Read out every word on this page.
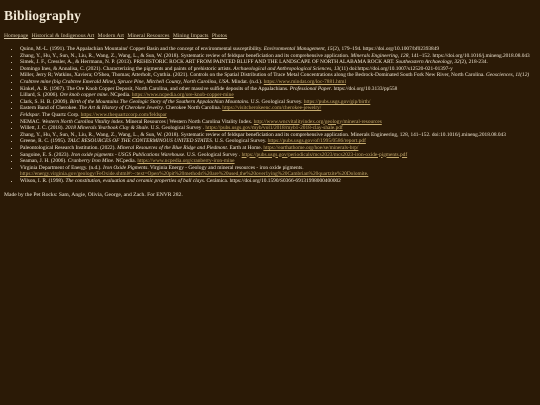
Bibliography
Homepage Historical & Indigenous Art Modern Art Mineral Resources Mining Impacts Photos
• Quinn, M.-L. (1991). The Appalachian Mountains' Copper Basin and the concept of environmental susceptibility. Environmental Management, 15(2), 179–194. https://doi.org/10.1007/bf02393849
• Zhang, Y., Hu, Y., Sun, N., Liu, R., Wang, Z., Wang, L., & Sun, W. (2018). Systematic review of feldspar beneficiation and its comprehensive application. Minerals Engineering, 128, 141–152. https://doi.org/10.1016/j.mineng.2018.08.043
• Simek, J. F., Cressler, A., & Herrmann, N. P. (2013). PREHISTORIC ROCK ART FROM PAINTED BLUFF AND THE LANDSCAPE OF NORTH ALABAMA ROCK ART. Southeastern Archaeology, 32(2), 218-234.
• Domingo Ines, & Annalisa, C. (2021). Characterizing the pigments and paints of prehistoric artists. Archaeological and Anthropological Sciences, 13(11) doi:https://doi.org/10.1007/s12520-021-01397-y
• Miller, Jerry R; Watkins, Xaviera; O'Shea, Thomas; Atterholt, Cynthia. (2021). Controls on the Spatial Distribution of Trace Metal Concentrations along the Bedrock-Dominated South Fork New River, North Carolina. Geosciences, 11(12)
• Crabtree mine (big Crabtree Emerald Mine), Spruce Pine, Mitchell County, North Carolina, USA. Mindat. (n.d.). https://www.mindat.org/loc-7881.html
• Kinkel, A. R. (1967). The Ore Knob Copper Deposit, North Carolina, and other massive sulfide deposits of the Appalachians. Professional Paper. https://doi.org/10.3133/pp558
• Lillard, S. (2006). Ore knob copper mine. NCpedia. https://www.ncpedia.org/ore-knob-copper-mine
• Clark, S. H. B. (2009). Birth of the Mountains The Geologic Story of the Southern Appalachian Mountains. U.S. Geological Survey. https://pubs.usgs.gov/gip/birth/
• Eastern Band of Cherokee. The Art & History of Cherokee Jewelry. Cherokee North Carolina. https://visitcherokeenc.com/cherokee-jewelry/
• Feldspar. The Quartz Corp. https://www.thequartzcorp.com/feldspar
• NEMAC. Western North Carolina Vitality index. Mineral Resources | Western North Carolina Vitality Index. http://www.wncvitalityindex.org/geology/mineral-resources
• Willett, J. C. (2018). 2018 Minerals Yearbook Clay & Shale. U.S. Geological Survey . https://pubs.usgs.gov/myb/vol1/2018/myb1-2018-clay-shale.pdf
• Zhang, Y., Hu, Y., Sun, N., Liu, R., Wang, Z., Wang, L., & Sun, W. (2018). Systematic review of feldspar beneficiation and its comprehensive application. Minerals Engineering, 128, 141–152. doi:10.1016/j.mineng.2018.08.043
• Greene, R. C. (1995). TALC RESOURCES OF THE CONTERMINOUS UNITED STATES. U.S. Geological Survey. https://pubs.usgs.gov/of/1995/0586/report.pdf
• Paleontological Research Institution. (2022). Mineral Resources of the Blue Ridge and Piedmont. Earth at Home. https://earthathome.org/hoe/se/minerals-brp/
• Sangoine, E. S. (2023). Iron oxide pigments - USGS Publications Warehouse. U.S. Geological Survey . https://pubs.usgs.gov/periodicals/mcs2023/mcs2023-iron-oxide-pigments.pdf
• Seaman, J. H. (2006). Cranberry Iron Mine. NCpedia. https://www.ncpedia.org/cranberry-iron-mine
• Virginia Department of Energy. (n.d.). Iron Oxide Pigments. Virginia Energy - Geology and mineral resources - iron oxide pigments. https://energy.virginia.gov/geology/FeOxide.shtml#:~:text=Open%20pit%20methods%20are%20used,the%20over1ying%20Cambrian%20quartzite%20Dolomite.
• Wilson, I. R. (1998). The constitution, evaluation and ceramic properties of ball clays. Cerámica. https://doi.org/10.1590/S0366-69131998000400002
Made by the Pet Rocks: Sam, Angie, Olivia, George, and Zach. For ENVR 282.
